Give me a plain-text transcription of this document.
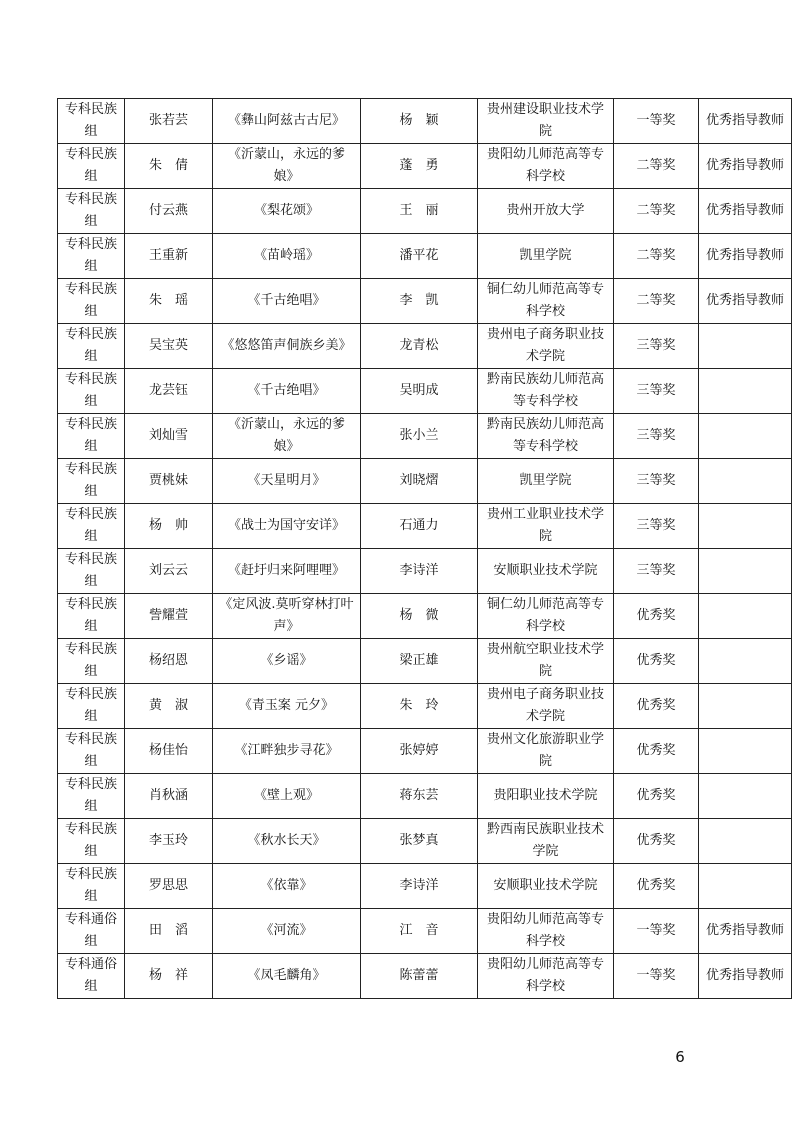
专科民族组	张若芸	《彝山阿兹古古尼》	杨　颖	贵州建设职业技术学院	一等奖	优秀指导教师
专科民族组	朱　倩	《沂蒙山，永远的爹娘》	蓬　勇	贵阳幼儿师范高等专科学校	二等奖	优秀指导教师
专科民族组	付云燕	《梨花颂》	王　丽	贵州开放大学	二等奖	优秀指导教师
专科民族组	王重新	《苗岭瑶》	潘平花	凯里学院	二等奖	优秀指导教师
专科民族组	朱　瑶	《千古绝唱》	李　凯	铜仁幼儿师范高等专科学校	二等奖	优秀指导教师
专科民族组	吴宝英	《悠悠笛声侗族乡美》	龙青松	贵州电子商务职业技术学院	三等奖	
专科民族组	龙芸钰	《千古绝唱》	吴明成	黔南民族幼儿师范高等专科学校	三等奖	
专科民族组	刘灿雪	《沂蒙山，永远的爹娘》	张小兰	黔南民族幼儿师范高等专科学校	三等奖	
专科民族组	贾桃妹	《天星明月》	刘晓熠	凯里学院	三等奖	
专科民族组	杨　帅	《战士为国守安详》	石通力	贵州工业职业技术学院	三等奖	
专科民族组	刘云云	《赶圩归来阿哩哩》	李诗洋	安顺职业技术学院	三等奖	
专科民族组	訾耀萱	《定风波.莫听穿林打叶声》	杨　微	铜仁幼儿师范高等专科学校	优秀奖	
专科民族组	杨绍恩	《乡谣》	梁正雄	贵州航空职业技术学院	优秀奖	
专科民族组	黄　淑	《青玉案 元夕》	朱　玲	贵州电子商务职业技术学院	优秀奖	
专科民族组	杨佳怡	《江畔独步寻花》	张婷婷	贵州文化旅游职业学院	优秀奖	
专科民族组	肖秋涵	《壁上观》	蒋东芸	贵阳职业技术学院	优秀奖	
专科民族组	李玉玲	《秋水长天》	张梦真	黔西南民族职业技术学院	优秀奖	
专科民族组	罗思思	《依靠》	李诗洋	安顺职业技术学院	优秀奖	
专科通俗组	田　滔	《河流》	江　音	贵阳幼儿师范高等专科学校	一等奖	优秀指导教师
专科通俗组	杨　祥	《凤毛麟角》	陈蕾蕾	贵阳幼儿师范高等专科学校	一等奖	优秀指导教师
6
